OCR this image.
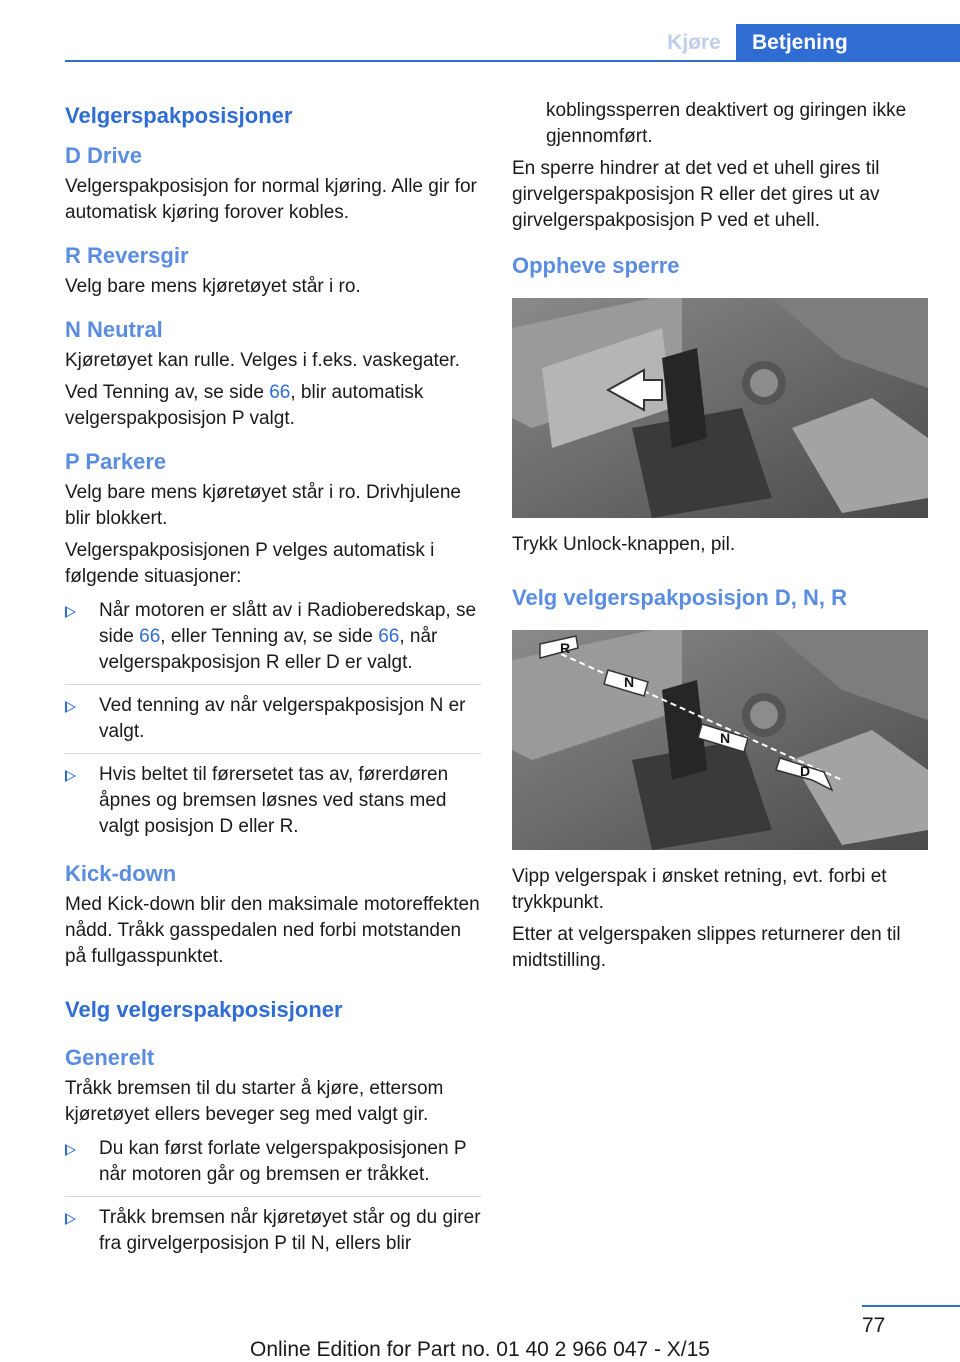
Kjøre	Betjening
Velgerspakposisjoner
D Drive

Velgerspakposisjon for normal kjøring. Alle gir for automatisk kjøring forover kobles.

R Reversgir

Velg bare mens kjøretøyet står i ro.

N Neutral

Kjøretøyet kan rulle. Velges i f.eks. vaskegater.

Ved Tenning av, se side 66, blir automatisk velgerspakposisjon P valgt.

P Parkere

Velg bare mens kjøretøyet står i ro. Drivhjulene blir blokkert.

Velgerspakposisjonen P velges automatisk i følgende situasjoner:

Når motoren er slått av i Radioberedskap, se side 66, eller Tenning av, se side 66, når velgerspakposisjon R eller D er valgt.
Ved tenning av når velgerspakposisjon N er valgt.
Hvis beltet til førersetet tas av, førerdøren åpnes og bremsen løsnes ved stans med valgt posisjon D eller R.
Kick-down

Med Kick-down blir den maksimale motoreffekten nådd. Tråkk gasspedalen ned forbi motstanden på fullgasspunktet.

Velg velgerspakposisjoner
Generelt

Tråkk bremsen til du starter å kjøre, ettersom kjøretøyet ellers beveger seg med valgt gir.

Du kan først forlate velgerspakposisjonen P når motoren går og bremsen er tråkket.
Tråkk bremsen når kjøretøyet står og du girer fra girvelgerposisjon P til N, ellers blir
koblingssperren deaktivert og giringen ikke gjennomført.

En sperre hindrer at det ved et uhell gires til girvelgerspakposisjon R eller det gires ut av girvelgerspakposisjon P ved et uhell.

Oppheve sperre

Trykk Unlock-knappen, pil.

Velg velgerspakposisjon D, N, R
R
N
N
D

Vipp velgerspak i ønsket retning, evt. forbi et trykkpunkt.

Etter at velgerspaken slippes returnerer den til midtstilling.

77
Online Edition for Part no. 01 40 2 966 047 - X/15
